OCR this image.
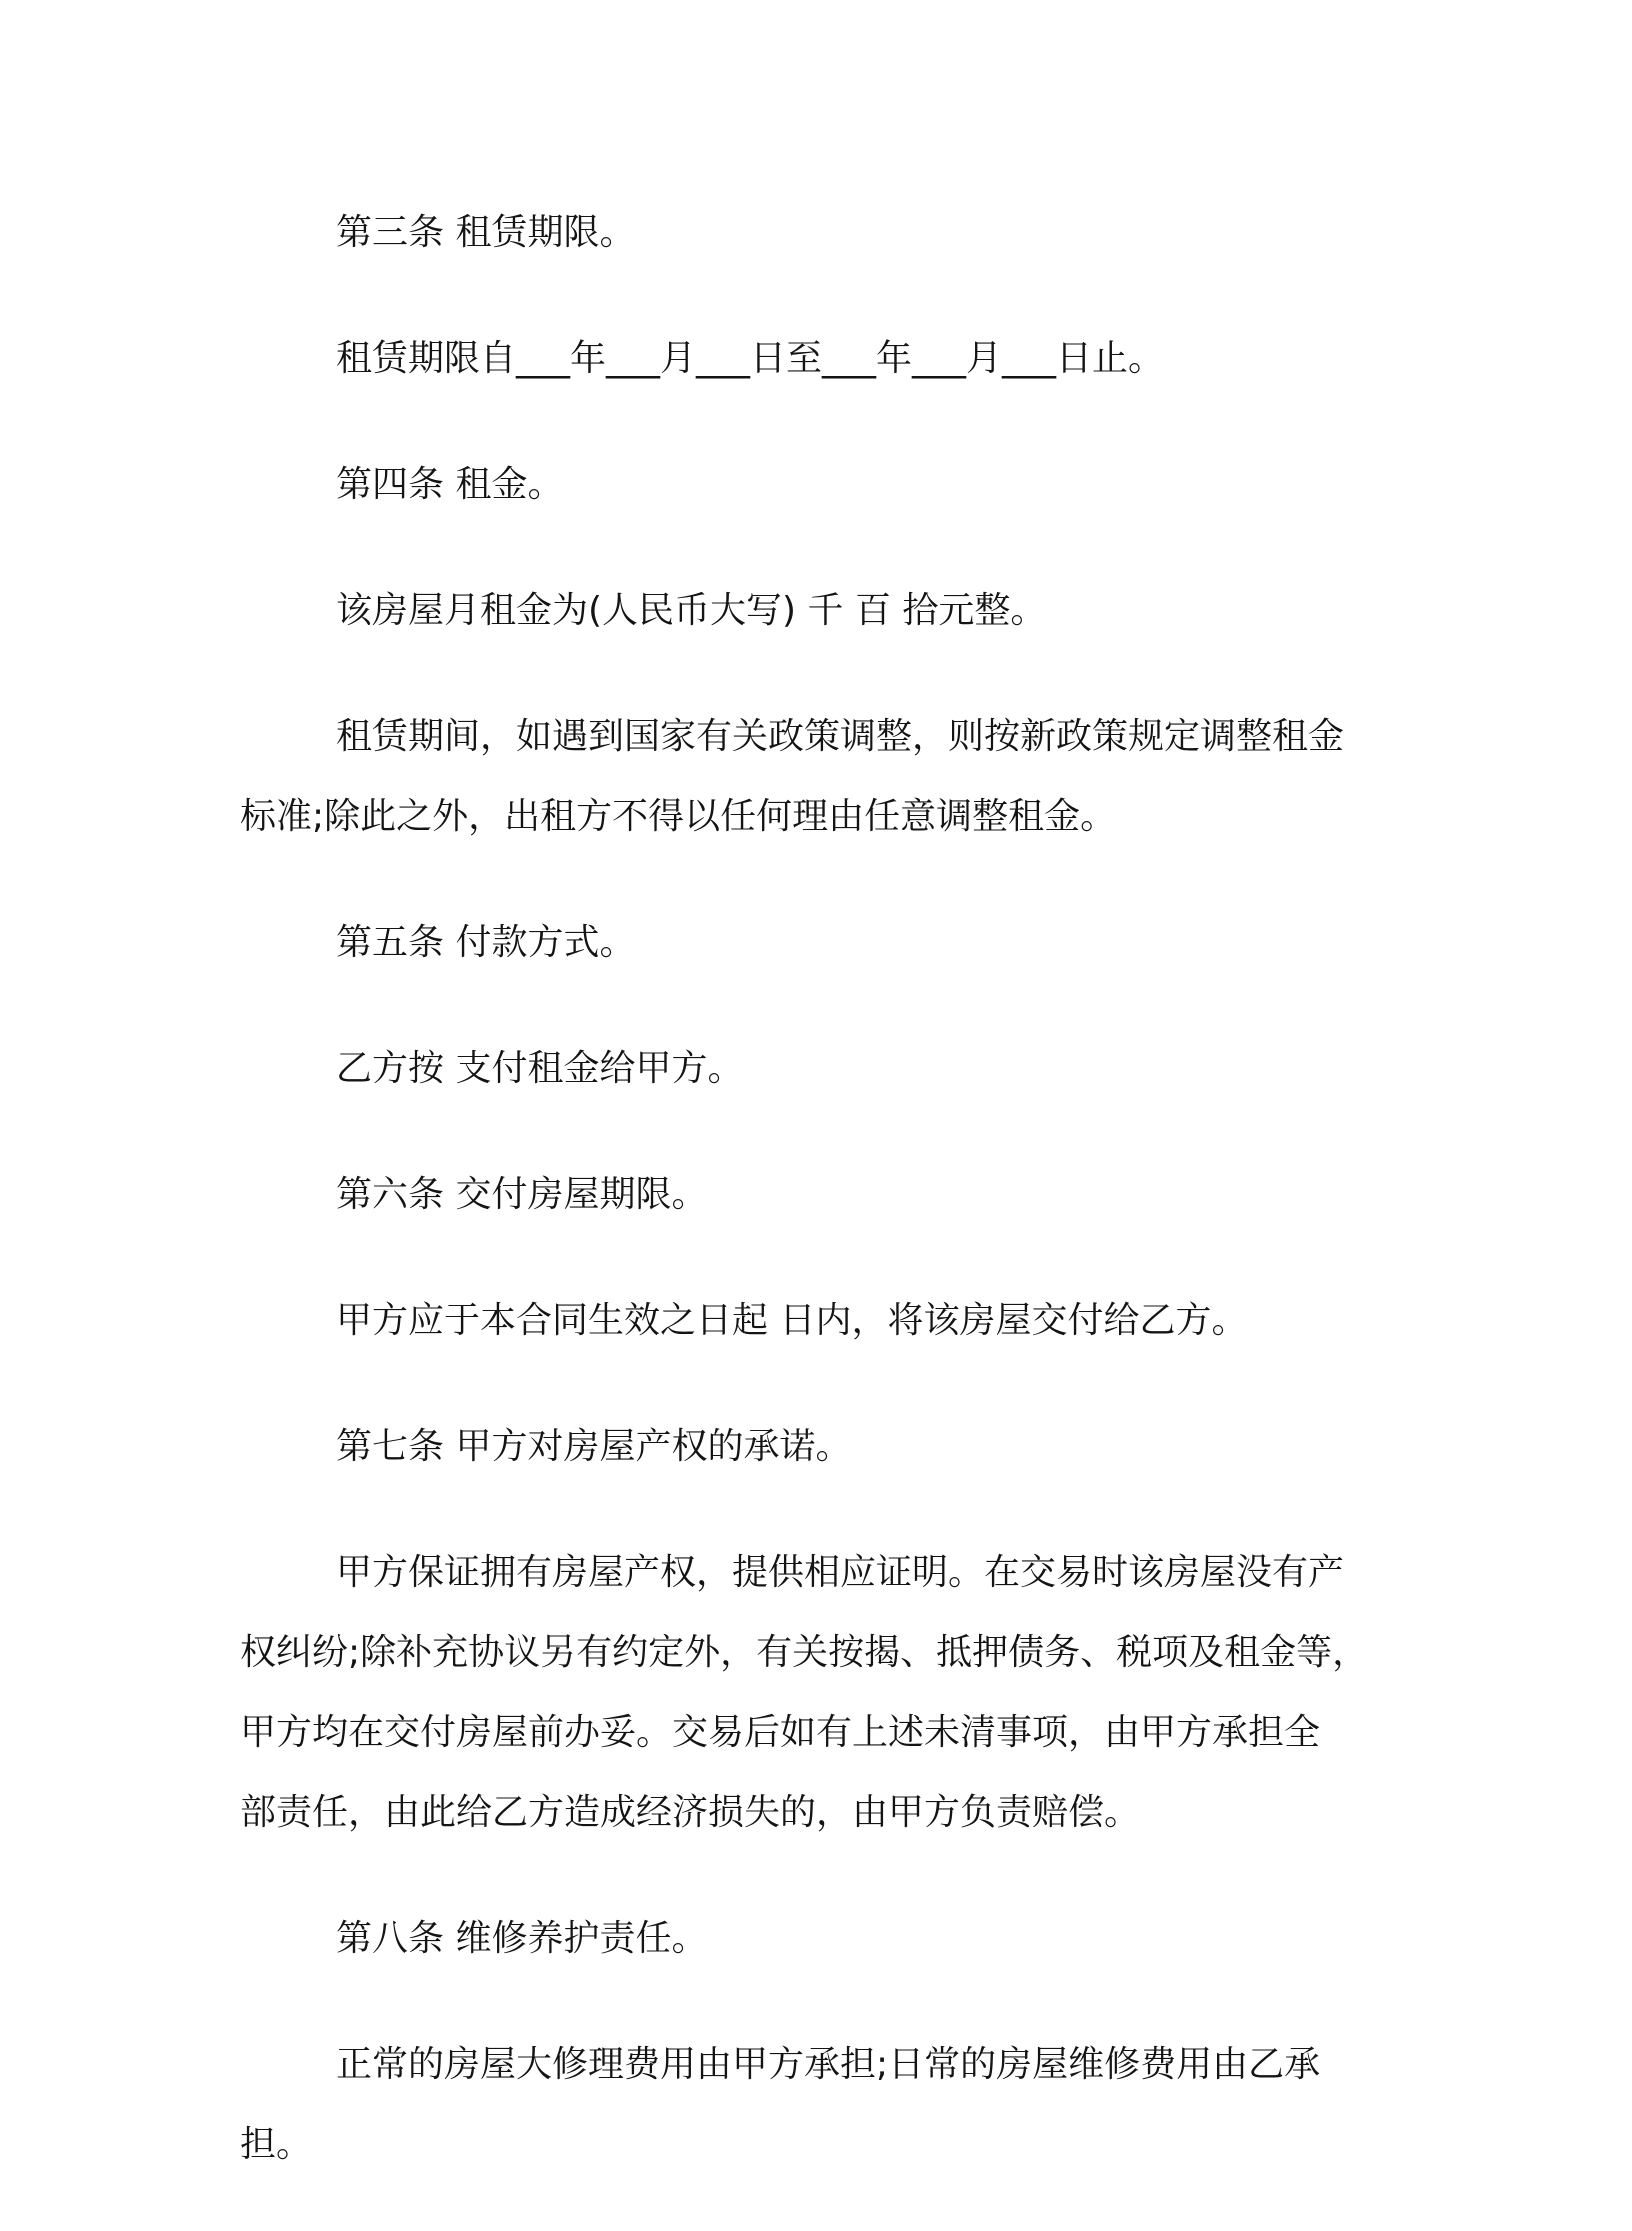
第三条 租赁期限。
租赁期限自___年___月___日至___年___月___日止。
第四条 租金。
该房屋月租金为(人民币大写) 千 百 拾元整。
租赁期间，如遇到国家有关政策调整，则按新政策规定调整租金
标准;除此之外，出租方不得以任何理由任意调整租金。
第五条 付款方式。
乙方按 支付租金给甲方。
第六条 交付房屋期限。
甲方应于本合同生效之日起 日内，将该房屋交付给乙方。
第七条 甲方对房屋产权的承诺。
甲方保证拥有房屋产权，提供相应证明。在交易时该房屋没有产
权纠纷;除补充协议另有约定外，有关按揭、抵押债务、税项及租金等，
甲方均在交付房屋前办妥。交易后如有上述未清事项，由甲方承担全
部责任，由此给乙方造成经济损失的，由甲方负责赔偿。
第八条 维修养护责任。
正常的房屋大修理费用由甲方承担;日常的房屋维修费用由乙承
担。
